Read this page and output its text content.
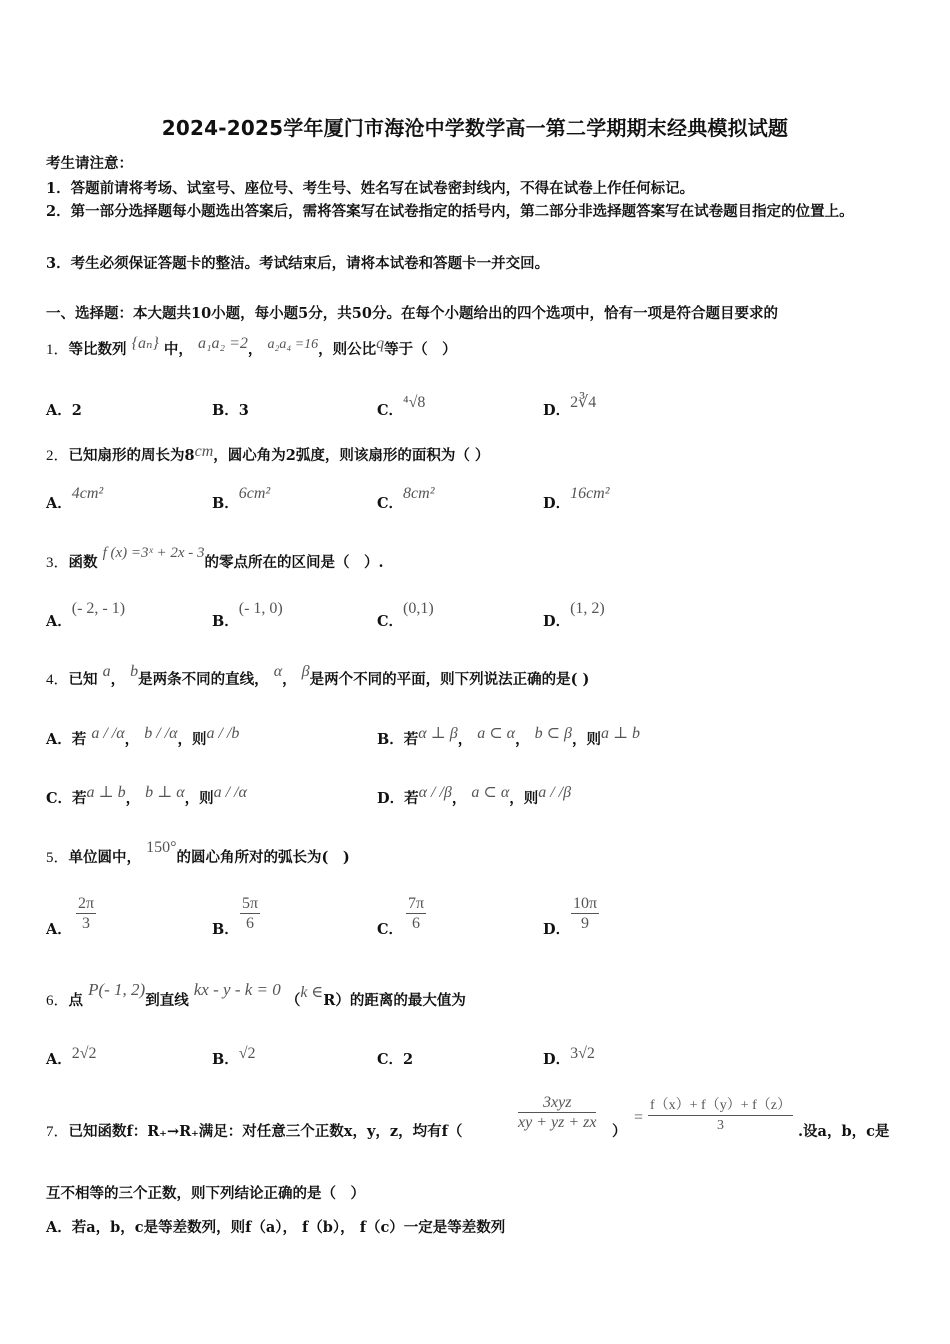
2024-2025学年厦门市海沧中学数学高一第二学期期末经典模拟试题
考生请注意：
1．答题前请将考场、试室号、座位号、考生号、姓名写在试卷密封线内，不得在试卷上作任何标记。
2．第一部分选择题每小题选出答案后，需将答案写在试卷指定的括号内，第二部分非选择题答案写在试卷题目指定的位置上。
3．考生必须保证答题卡的整洁。考试结束后，请将本试卷和答题卡一并交回。
一、选择题：本大题共10小题，每小题5分，共50分。在每个小题给出的四个选项中，恰有一项是符合题目要求的
1．等比数列 {aₙ} 中， a₁a₂ =2， a₂a₄ =16，则公比q等于（　）
A．2	B．3	C．⁴√8	D．2∛4
2．已知扇形的周长为8cm，圆心角为2弧度，则该扇形的面积为（ ）
A．4cm²
B．6cm²
C．8cm²
D．16cm²
3．函数 f (x) =3ˣ + 2x - 3的零点所在的区间是（　）.
A．(- 2, - 1)
B．(- 1, 0)
C．(0,1)
D．(1, 2)
4．已知 a， b是两条不同的直线， α， β是两个不同的平面，则下列说法正确的是( )
A．若 a / /α， b / /α，则a / /b	B．若α ⊥ β， a ⊂ α， b ⊂ β，则a ⊥ b
C．若a ⊥ b， b ⊥ α，则a / /α	D．若α / /β， a ⊂ α，则a / /β
5．单位圆中， 150°的圆心角所对的弧长为(　)
A． $\frac{2\pi}{3}$	B． $\frac{5\pi}{6}$	C． $\frac{7\pi}{6}$	D． $\frac{10\pi}{9}$
6．点 P(- 1, 2)到直线 kx - y - k = 0 （k ∈R）的距离的最大值为
A．2√2	B．√2	C．2	D．3√2
7．已知函数f：R₊→R₊满足：对任意三个正数x，y，z，均有f（
3xyz
xy + yz + zx
）
= $\frac{f(x)+ f(y)+ f(z)}{3}$ .设a，b，c是
互不相等的三个正数，则下列结论正确的是（　）
A．若a，b，c是等差数列，则f（a）， f（b）， f（c）一定是等差数列
